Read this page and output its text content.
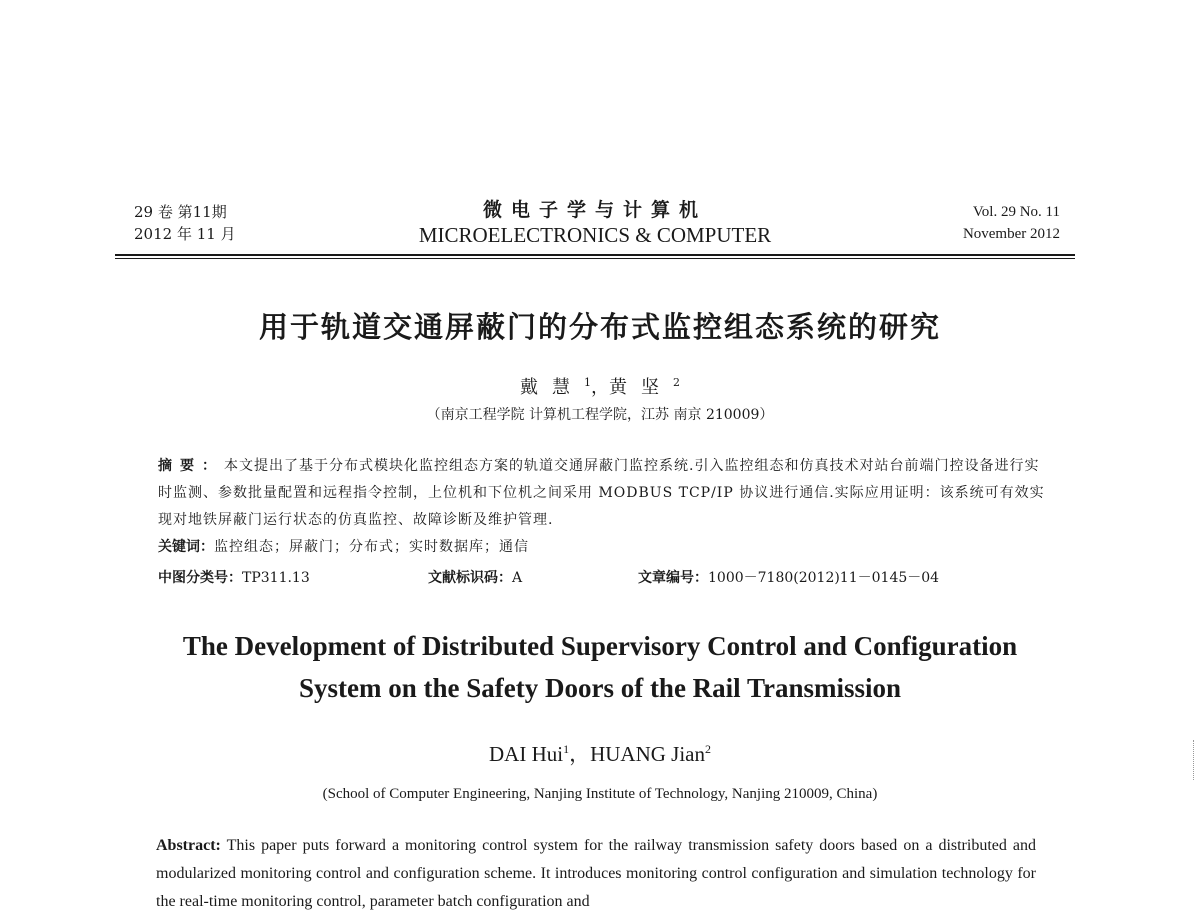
29 卷 第11期
2012 年 11 月
微电子学与计算机
MICROELECTRONICS & COMPUTER
Vol. 29 No. 11
November 2012
用于轨道交通屏蔽门的分布式监控组态系统的研究
戴慧$^1$，黄坚$^2$
（南京工程学院 计算机工程学院，江苏 南京 210009）
摘要：本文提出了基于分布式模块化监控组态方案的轨道交通屏蔽门监控系统.引入监控组态和仿真技术对站台前端门控设备进行实时监测、参数批量配置和远程指令控制，上位机和下位机之间采用 MODBUS TCP/IP 协议进行通信.实际应用证明：该系统可有效实现对地铁屏蔽门运行状态的仿真监控、故障诊断及维护管理.
关键词：监控组态；屏蔽门；分布式；实时数据库；通信
中图分类号：TP311.13	文献标识码：A	文章编号：1000－7180(2012)11－0145－04
The Development of Distributed Supervisory Control and Configuration
System on the Safety Doors of the Rail Transmission
DAI Hui$^1$，HUANG Jian$^2$
(School of Computer Engineering, Nanjing Institute of Technology, Nanjing 210009, China)
Abstract: This paper puts forward a monitoring control system for the railway transmission safety doors based on a distributed and modularized monitoring control and configuration scheme. It introduces monitoring control configuration and simulation technology for the real-time monitoring control, parameter batch configuration and
